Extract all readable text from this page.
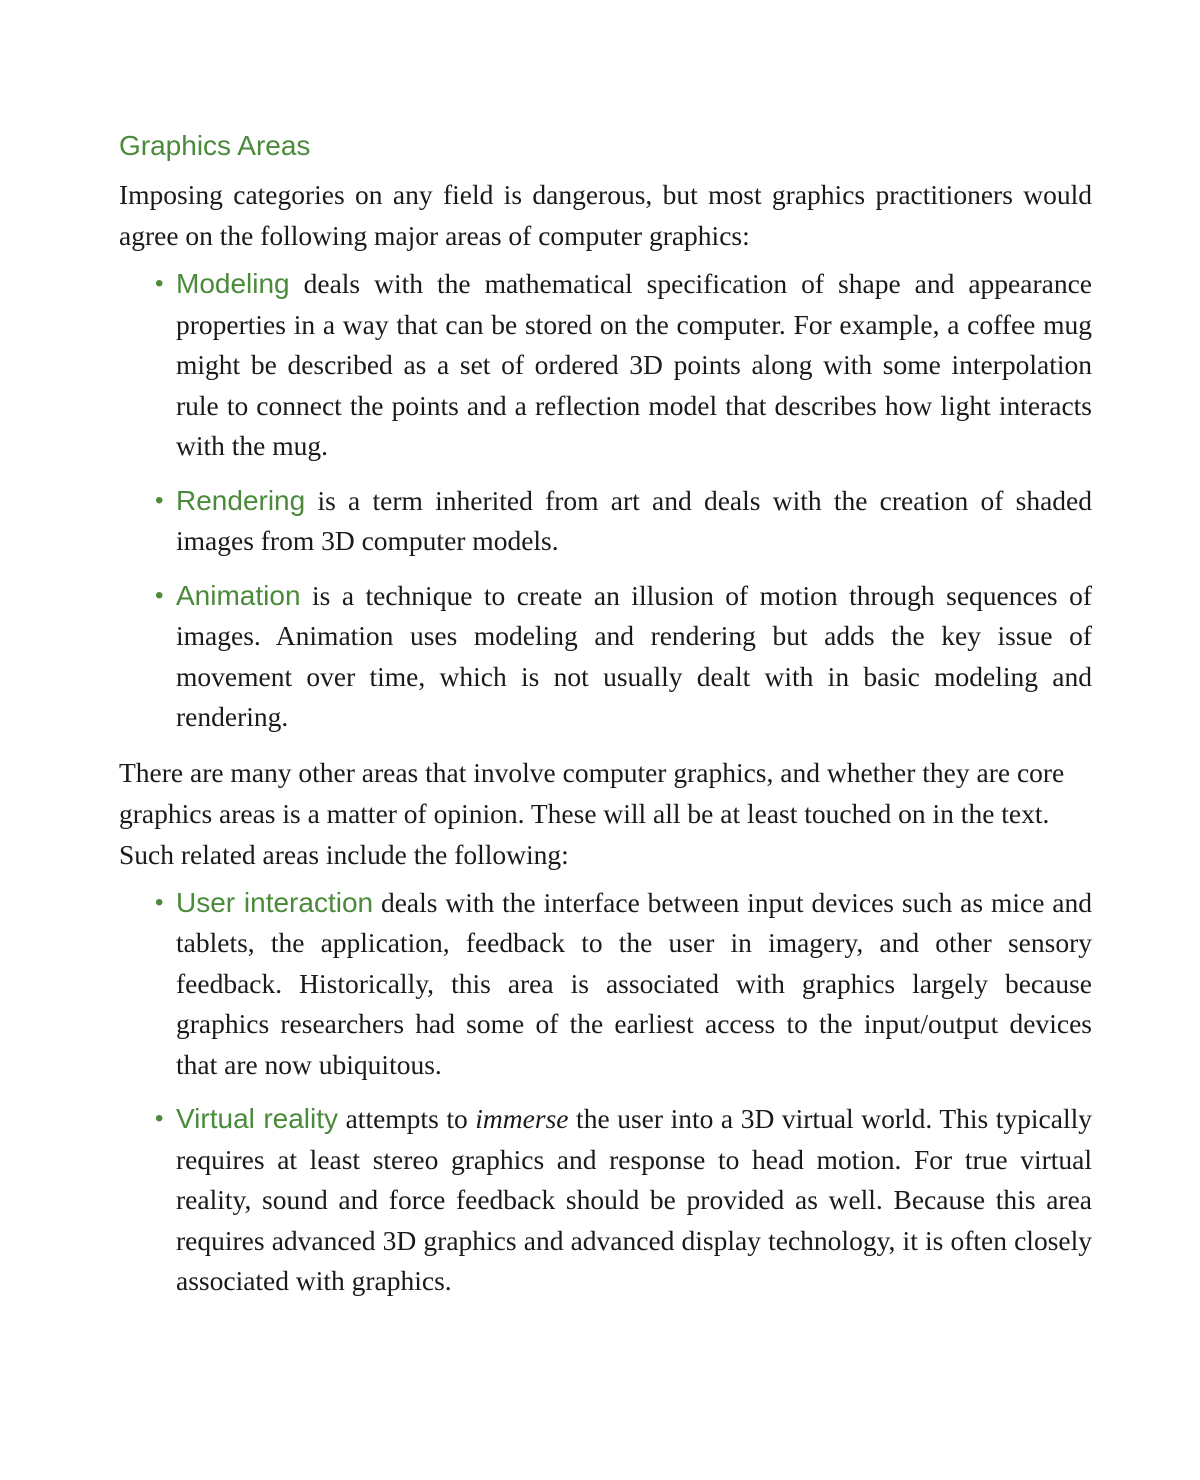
Graphics Areas

Imposing categories on any field is dangerous, but most graphics practitioners would agree on the following major areas of computer graphics:

• Modeling deals with the mathematical specification of shape and appearance properties in a way that can be stored on the computer. For example, a coffee mug might be described as a set of ordered 3D points along with some interpolation rule to connect the points and a reflection model that describes how light interacts with the mug.
• Rendering is a term inherited from art and deals with the creation of shaded images from 3D computer models.
• Animation is a technique to create an illusion of motion through sequences of images. Animation uses modeling and rendering but adds the key issue of movement over time, which is not usually dealt with in basic modeling and rendering.

There are many other areas that involve computer graphics, and whether they are core graphics areas is a matter of opinion. These will all be at least touched on in the text. Such related areas include the following:

• User interaction deals with the interface between input devices such as mice and tablets, the application, feedback to the user in imagery, and other sensory feedback. Historically, this area is associated with graphics largely because graphics researchers had some of the earliest access to the input/output devices that are now ubiquitous.
• Virtual reality attempts to immerse the user into a 3D virtual world. This typically requires at least stereo graphics and response to head motion. For true virtual reality, sound and force feedback should be provided as well. Because this area requires advanced 3D graphics and advanced display technology, it is often closely associated with graphics.
